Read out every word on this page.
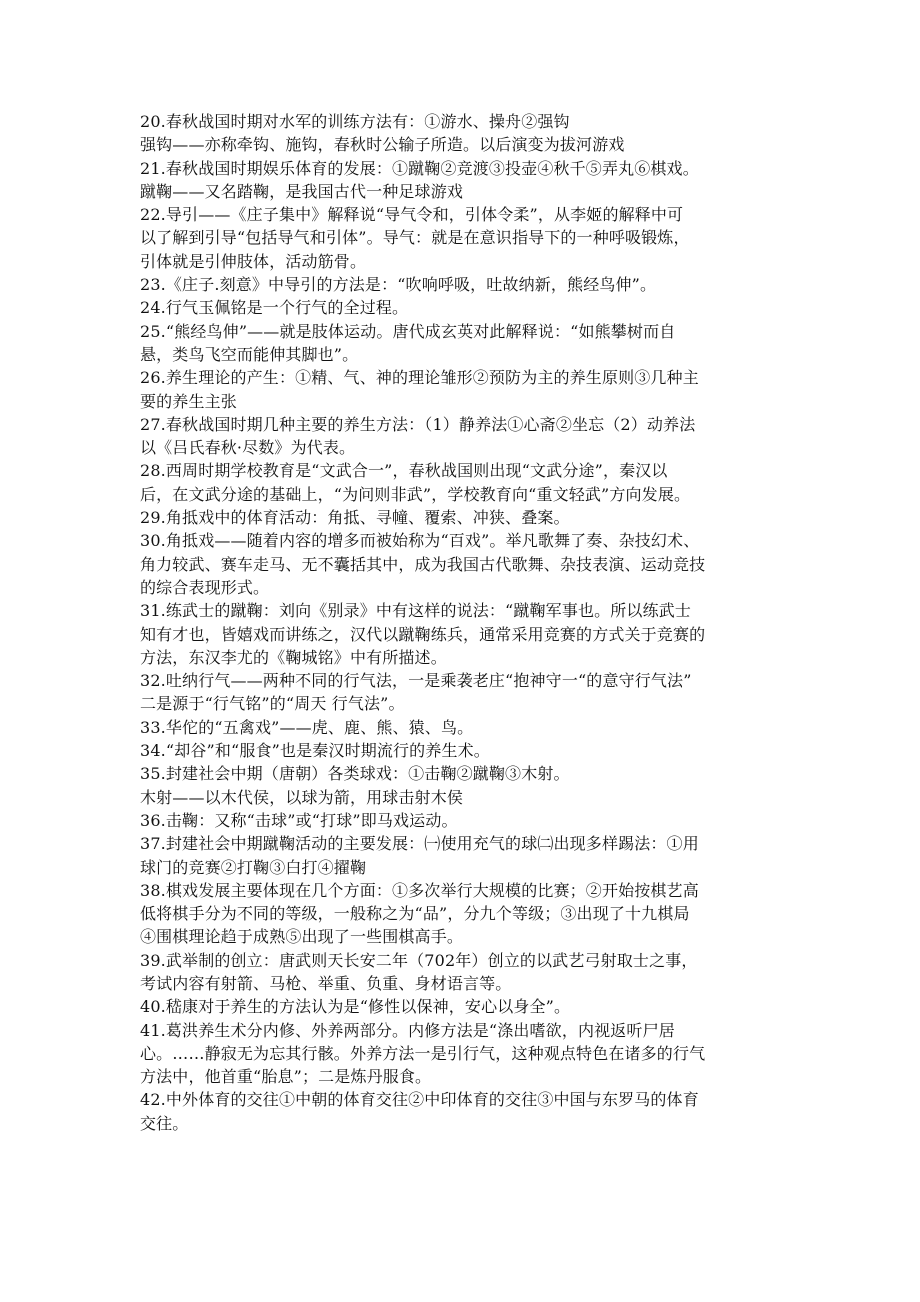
20.春秋战国时期对水军的训练方法有：①游水、操舟②强钩
强钩——亦称牵钩、施钩，春秋时公输子所造。以后演变为拔河游戏
21.春秋战国时期娱乐体育的发展：①蹴鞠②竞渡③投壶④秋千⑤弄丸⑥棋戏。
蹴鞠——又名踏鞠，是我国古代一种足球游戏
22.导引——《庄子集中》解释说“导气令和，引体令柔”，从李姬的解释中可
以了解到引导“包括导气和引体”。导气：就是在意识指导下的一种呼吸锻炼，
引体就是引伸肢体，活动筋骨。
23.《庄子.刻意》中导引的方法是：“吹响呼吸，吐故纳新，熊经鸟伸”。
24.行气玉佩铭是一个行气的全过程。
25.“熊经鸟伸”——就是肢体运动。唐代成玄英对此解释说：“如熊攀树而自
悬，类鸟飞空而能伸其脚也”。
26.养生理论的产生：①精、气、神的理论雏形②预防为主的养生原则③几种主
要的养生主张
27.春秋战国时期几种主要的养生方法：（1）静养法①心斋②坐忘（2）动养法
以《吕氏春秋·尽数》为代表。
28.西周时期学校教育是“文武合一”，春秋战国则出现“文武分途”，秦汉以
后，在文武分途的基础上，“为问则非武”，学校教育向“重文轻武”方向发展。
29.角抵戏中的体育活动：角抵、寻幢、覆索、冲狭、叠案。
30.角抵戏——随着内容的增多而被始称为“百戏”。举凡歌舞了奏、杂技幻术、
角力较武、赛车走马、无不囊括其中，成为我国古代歌舞、杂技表演、运动竞技
的综合表现形式。
31.练武士的蹴鞠：刘向《别录》中有这样的说法：“蹴鞠军事也。所以练武士
知有才也，皆嬉戏而讲练之，汉代以蹴鞠练兵，通常采用竞赛的方式关于竞赛的
方法，东汉李尤的《鞠城铭》中有所描述。
32.吐纳行气——两种不同的行气法，一是乘袭老庄“抱神守一“的意守行气法”
二是源于“行气铭”的“周天 行气法”。
33.华佗的“五禽戏”——虎、鹿、熊、猿、鸟。
34.“却谷”和“服食”也是秦汉时期流行的养生术。
35.封建社会中期（唐朝）各类球戏：①击鞠②蹴鞠③木射。
木射——以木代侯，以球为箭，用球击射木侯
36.击鞠：又称“击球”或“打球”即马戏运动。
37.封建社会中期蹴鞠活动的主要发展：㈠使用充气的球㈡出现多样踢法：①用
球门的竞赛②打鞠③白打④擢鞠
38.棋戏发展主要体现在几个方面：①多次举行大规模的比赛；②开始按棋艺高
低将棋手分为不同的等级，一般称之为“品”，分九个等级；③出现了十九棋局
④围棋理论趋于成熟⑤出现了一些围棋高手。
39.武举制的创立：唐武则天长安二年（702年）创立的以武艺弓射取士之事，
考试内容有射箭、马枪、举重、负重、身材语言等。
40.嵇康对于养生的方法认为是“修性以保神，安心以身全”。
41.葛洪养生术分内修、外养两部分。内修方法是“涤出嗜欲，内视返听尸居
心。……静寂无为忘其行骸。外养方法一是引行气，这种观点特色在诸多的行气
方法中，他首重“胎息”；二是炼丹服食。
42.中外体育的交往①中朝的体育交往②中印体育的交往③中国与东罗马的体育
交往。
